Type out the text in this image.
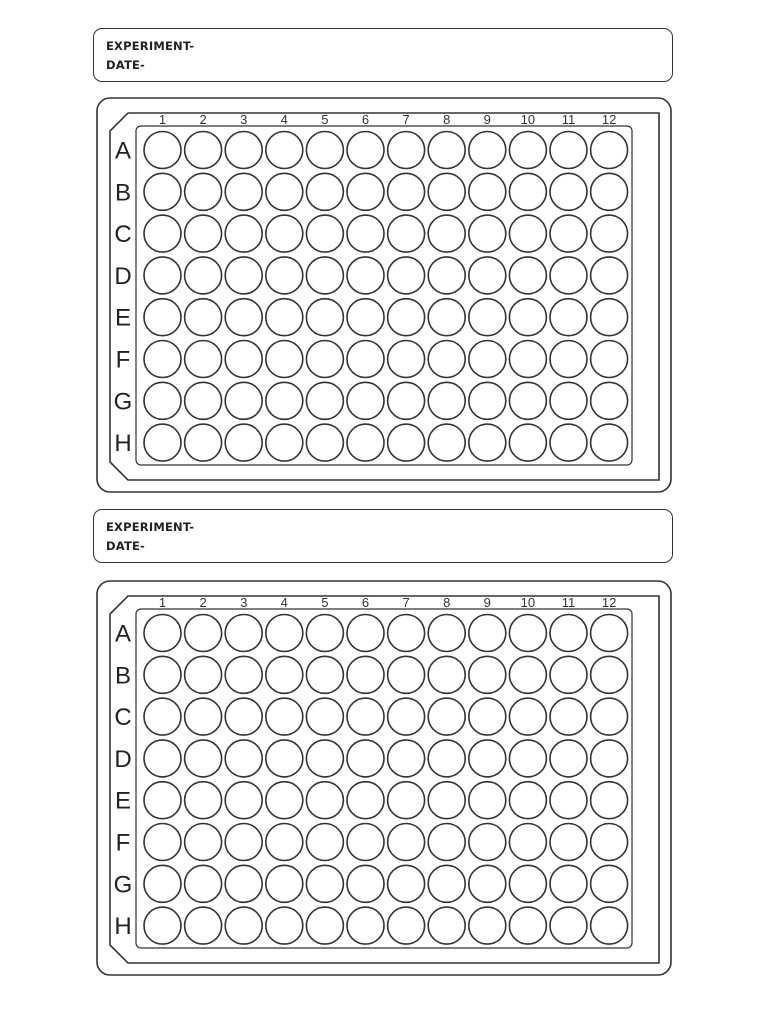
EXPERIMENT-
DATE-
1	2	3	4	5	6	7	8	9 10 11 12
A
B
C
D
E
F
G
H
EXPERIMENT-
DATE-
1	2	3	4	5	6	7	8	9 10 11 12
A
B
C
D
E
F
G
H
